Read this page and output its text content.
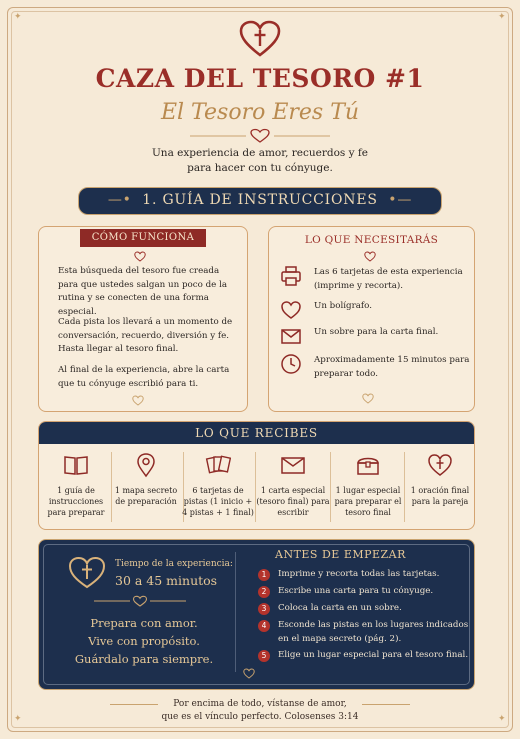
✦	✦
✦	✦
CAZA DEL TESORO #1
El Tesoro Eres Tú
Una experiencia de amor, recuerdos y fe
para hacer con tu cónyuge.
—•  1. GUÍA DE INSTRUCCIONES  •—
CÓMO FUNCIONA
Esta búsqueda del tesoro fue creada para que ustedes salgan un poco de la rutina y se conecten de una forma especial.
Cada pista los llevará a un momento de conversación, recuerdo, diversión y fe. Hasta llegar al tesoro final.
Al final de la experiencia, abre la carta que tu cónyuge escribió para ti.
LO QUE NECESITARÁS
Las 6 tarjetas de esta experiencia (imprime y recorta).
Un bolígrafo.
Un sobre para la carta final.
Aproximadamente 15 minutos para preparar todo.
LO QUE RECIBES
1 guía de instrucciones para preparar
1 mapa secreto de preparación
6 tarjetas de pistas (1 inicio + 4 pistas + 1 final)
1 carta especial (tesoro final) para escribir
1 lugar especial para preparar el tesoro final
1 oración final para la pareja
Tiempo de la experiencia:
30 a 45 minutos
Prepara con amor.
Vive con propósito.
Guárdalo para siempre.
ANTES DE EMPEZAR
1	Imprime y recorta todas las tarjetas.
2	Escribe una carta para tu cónyuge.
3	Coloca la carta en un sobre.
4	Esconde las pistas en los lugares indicados en el mapa secreto (pág. 2).
5	Elige un lugar especial para el tesoro final.
Por encima de todo, vístanse de amor,
que es el vínculo perfecto. Colosenses 3:14
